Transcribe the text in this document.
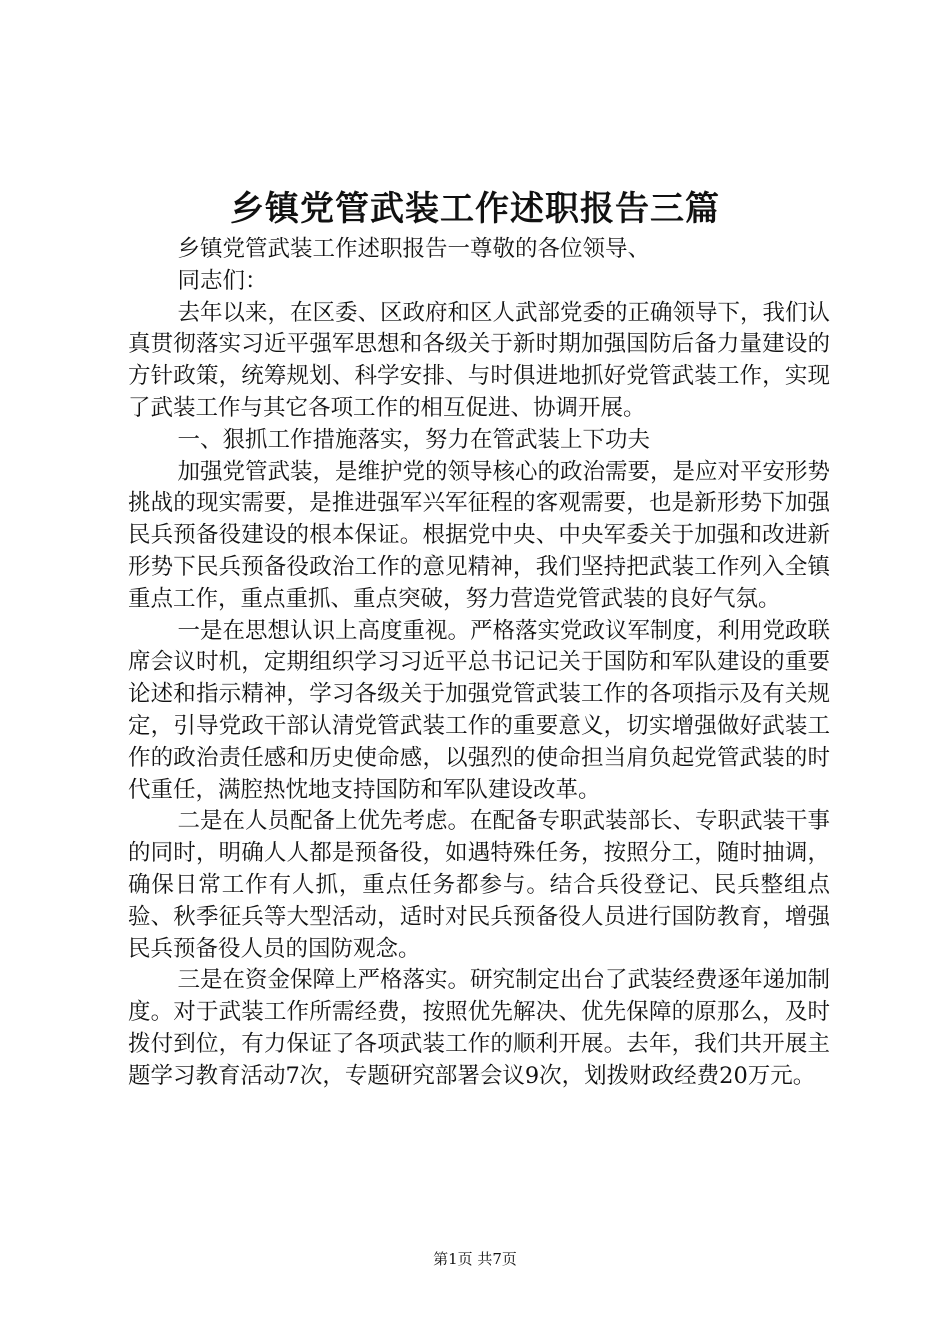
乡镇党管武装工作述职报告三篇

乡镇党管武装工作述职报告一尊敬的各位领导、

同志们：

去年以来，在区委、区政府和区人武部党委的正确领导下，我们认真贯彻落实习近平强军思想和各级关于新时期加强国防后备力量建设的方针政策，统筹规划、科学安排、与时俱进地抓好党管武装工作，实现了武装工作与其它各项工作的相互促进、协调开展。

一、狠抓工作措施落实，努力在管武装上下功夫

加强党管武装，是维护党的领导核心的政治需要，是应对平安形势挑战的现实需要，是推进强军兴军征程的客观需要，也是新形势下加强民兵预备役建设的根本保证。根据党中央、中央军委关于加强和改进新形势下民兵预备役政治工作的意见精神，我们坚持把武装工作列入全镇重点工作，重点重抓、重点突破，努力营造党管武装的良好气氛。

一是在思想认识上高度重视。严格落实党政议军制度，利用党政联席会议时机，定期组织学习习近平总书记记关于国防和军队建设的重要论述和指示精神，学习各级关于加强党管武装工作的各项指示及有关规定，引导党政干部认清党管武装工作的重要意义，切实增强做好武装工作的政治责任感和历史使命感，以强烈的使命担当肩负起党管武装的时代重任，满腔热忱地支持国防和军队建设改革。

二是在人员配备上优先考虑。在配备专职武装部长、专职武装干事的同时，明确人人都是预备役，如遇特殊任务，按照分工，随时抽调，确保日常工作有人抓，重点任务都参与。结合兵役登记、民兵整组点验、秋季征兵等大型活动，适时对民兵预备役人员进行国防教育，增强民兵预备役人员的国防观念。

三是在资金保障上严格落实。研究制定出台了武装经费逐年递加制度。对于武装工作所需经费，按照优先解决、优先保障的原那么，及时拨付到位，有力保证了各项武装工作的顺利开展。去年，我们共开展主题学习教育活动7次，专题研究部署会议9次，划拨财政经费20万元。

第1页 共7页
